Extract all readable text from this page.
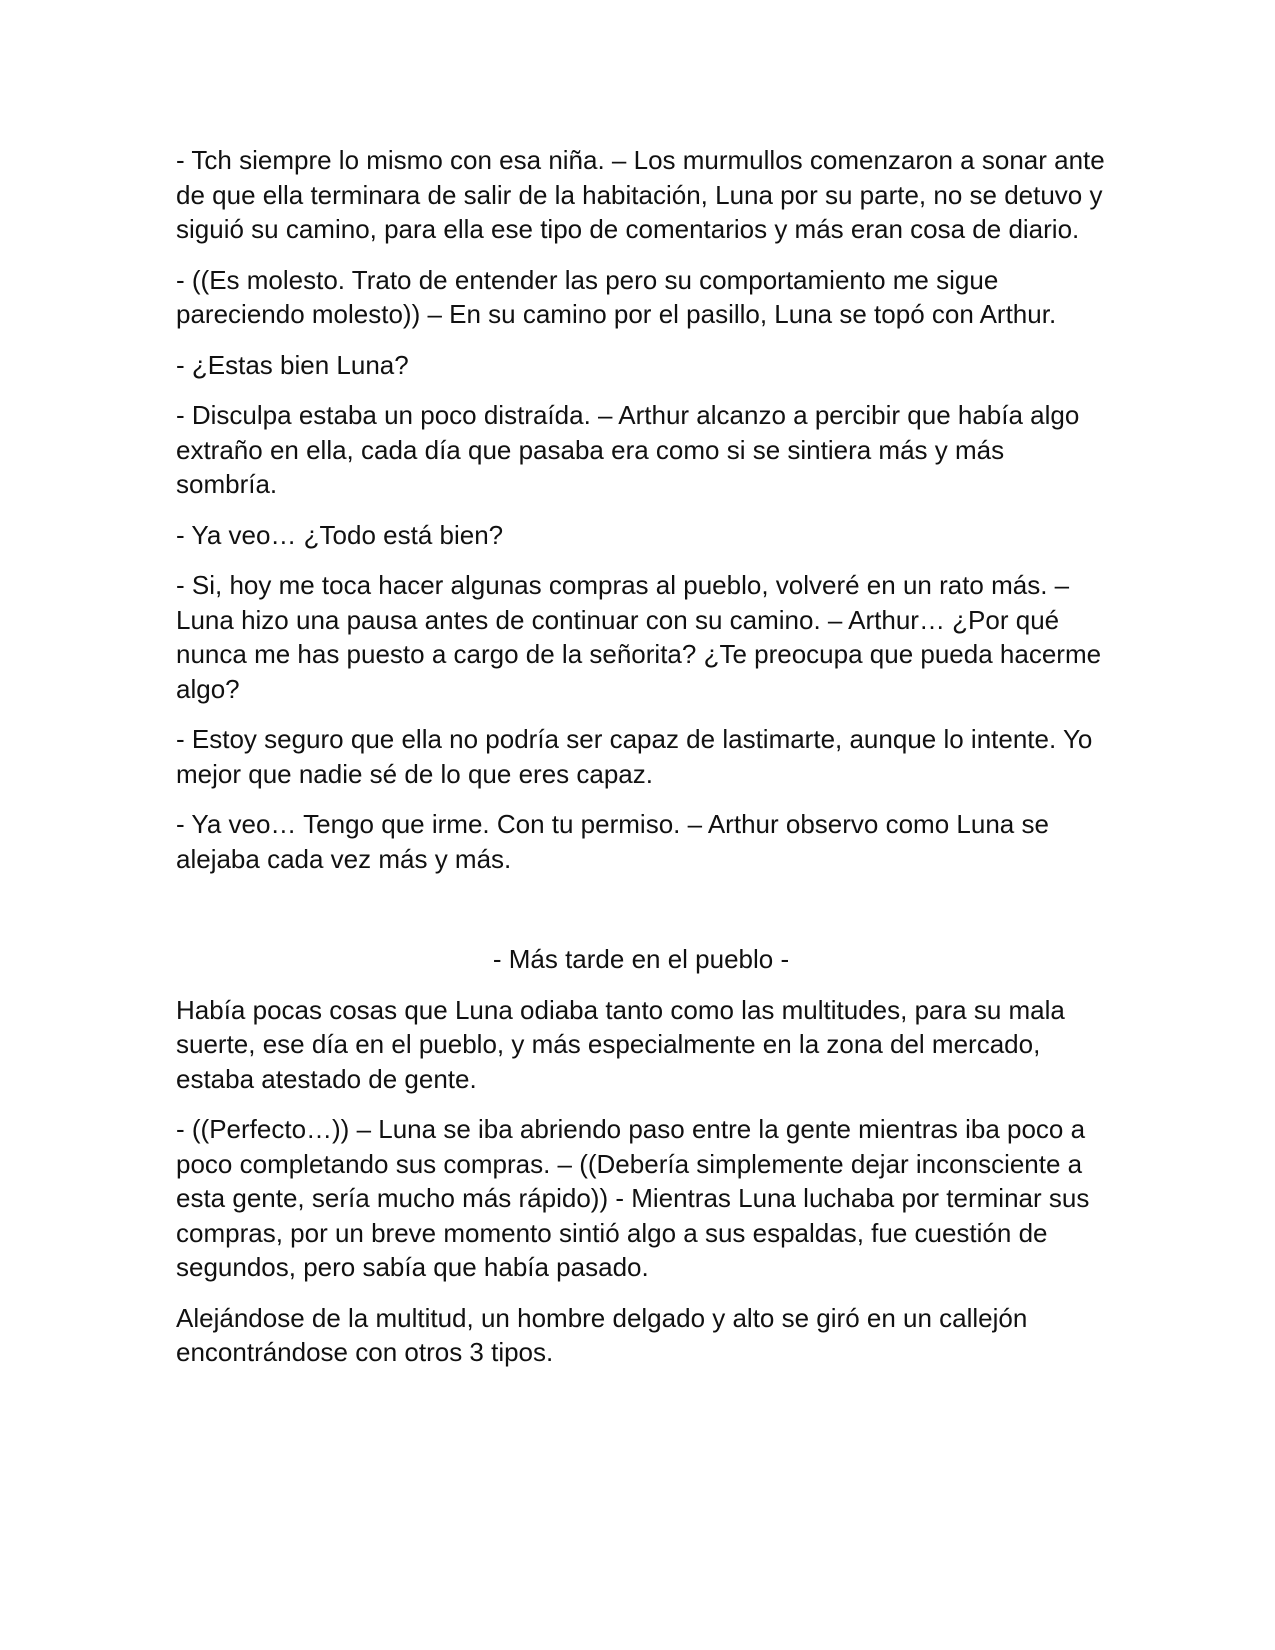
- Tch siempre lo mismo con esa niña. – Los murmullos comenzaron a sonar ante de que ella terminara de salir de la habitación, Luna por su parte, no se detuvo y siguió su camino, para ella ese tipo de comentarios y más eran cosa de diario.

- ((Es molesto. Trato de entender las pero su comportamiento me sigue pareciendo molesto)) – En su camino por el pasillo, Luna se topó con Arthur.

- ¿Estas bien Luna?

- Disculpa estaba un poco distraída. – Arthur alcanzo a percibir que había algo extraño en ella, cada día que pasaba era como si se sintiera más y más sombría.

- Ya veo… ¿Todo está bien?

- Si, hoy me toca hacer algunas compras al pueblo, volveré en un rato más. – Luna hizo una pausa antes de continuar con su camino. – Arthur… ¿Por qué nunca me has puesto a cargo de la señorita? ¿Te preocupa que pueda hacerme algo?

- Estoy seguro que ella no podría ser capaz de lastimarte, aunque lo intente. Yo mejor que nadie sé de lo que eres capaz.

- Ya veo… Tengo que irme. Con tu permiso. – Arthur observo como Luna se alejaba cada vez más y más.

- Más tarde en el pueblo -

Había pocas cosas que Luna odiaba tanto como las multitudes, para su mala suerte, ese día en el pueblo, y más especialmente en la zona del mercado, estaba atestado de gente.

- ((Perfecto…)) – Luna se iba abriendo paso entre la gente mientras iba poco a poco completando sus compras. – ((Debería simplemente dejar inconsciente a esta gente, sería mucho más rápido)) - Mientras Luna luchaba por terminar sus compras, por un breve momento sintió algo a sus espaldas, fue cuestión de segundos, pero sabía que había pasado.

Alejándose de la multitud, un hombre delgado y alto se giró en un callejón encontrándose con otros 3 tipos.
